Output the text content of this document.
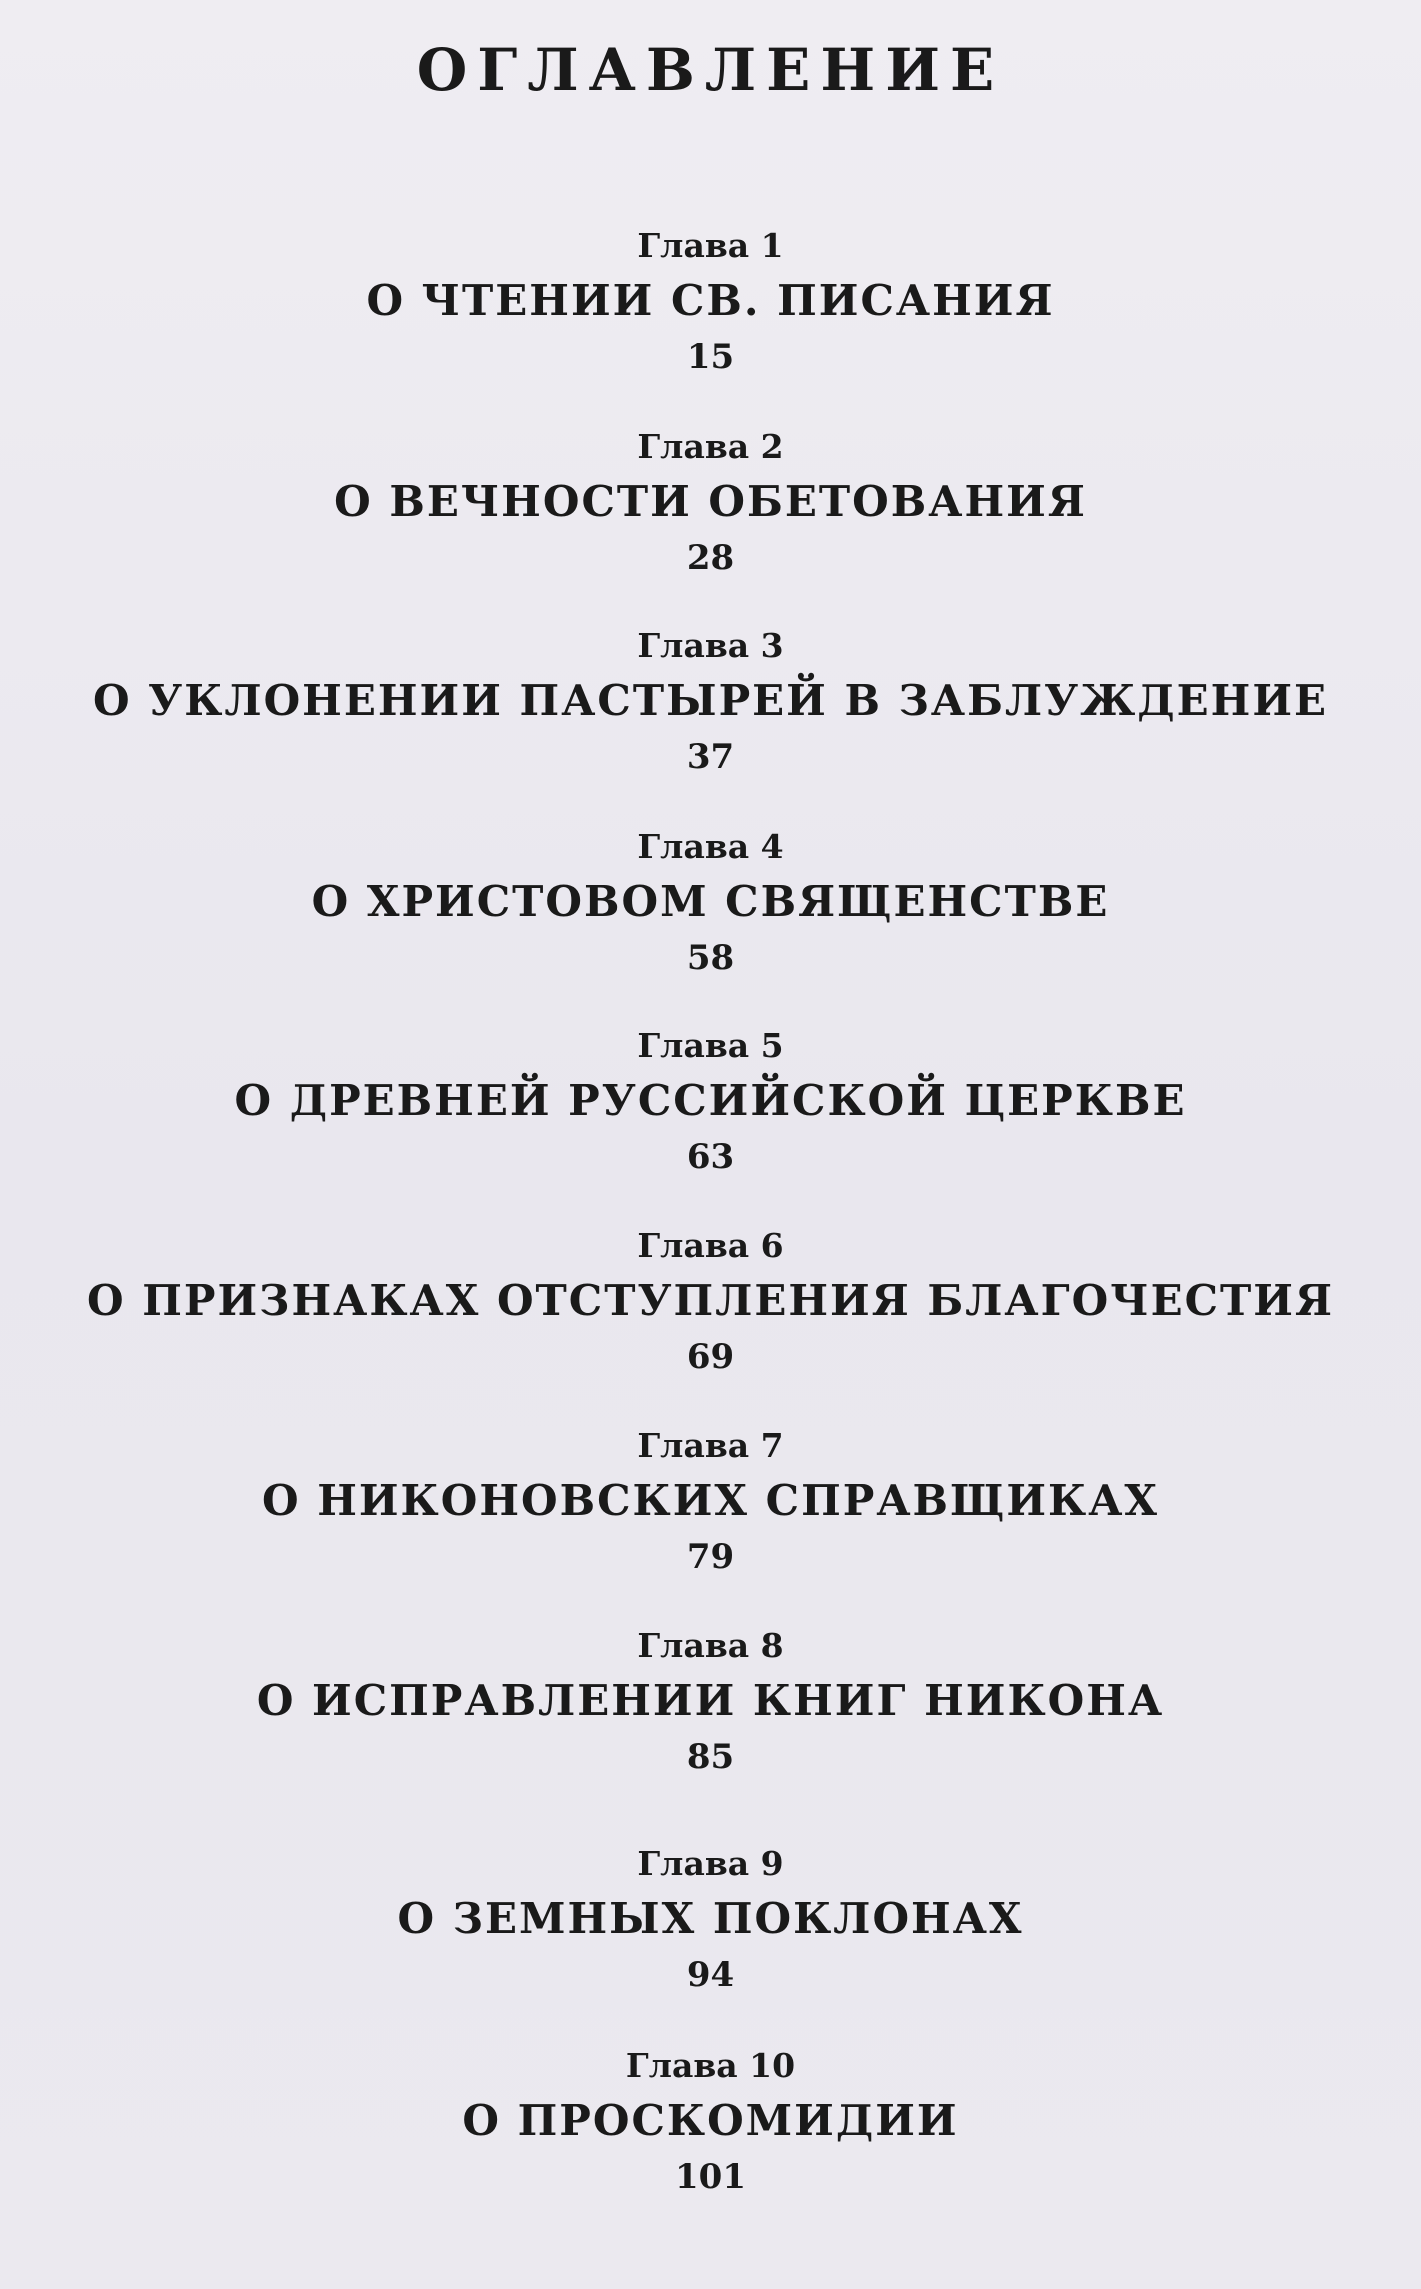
ОГЛАВЛЕНИЕ
Глава 1
О ЧТЕНИИ СВ. ПИСАНИЯ
15
Глава 2
О ВЕЧНОСТИ ОБЕТОВАНИЯ
28
Глава 3
О УКЛОНЕНИИ ПАСТЫРЕЙ В ЗАБЛУЖДЕНИЕ
37
Глава 4
О ХРИСТОВОМ СВЯЩЕНСТВЕ
58
Глава 5
О ДРЕВНЕЙ РУССИЙСКОЙ ЦЕРКВЕ
63
Глава 6
О ПРИЗНАКАХ ОТСТУПЛЕНИЯ БЛАГОЧЕСТИЯ
69
Глава 7
О НИКОНОВСКИХ СПРАВЩИКАХ
79
Глава 8
О ИСПРАВЛЕНИИ КНИГ НИКОНА
85
Глава 9
О ЗЕМНЫХ ПОКЛОНАХ
94
Глава 10
О ПРОСКОМИДИИ
101
